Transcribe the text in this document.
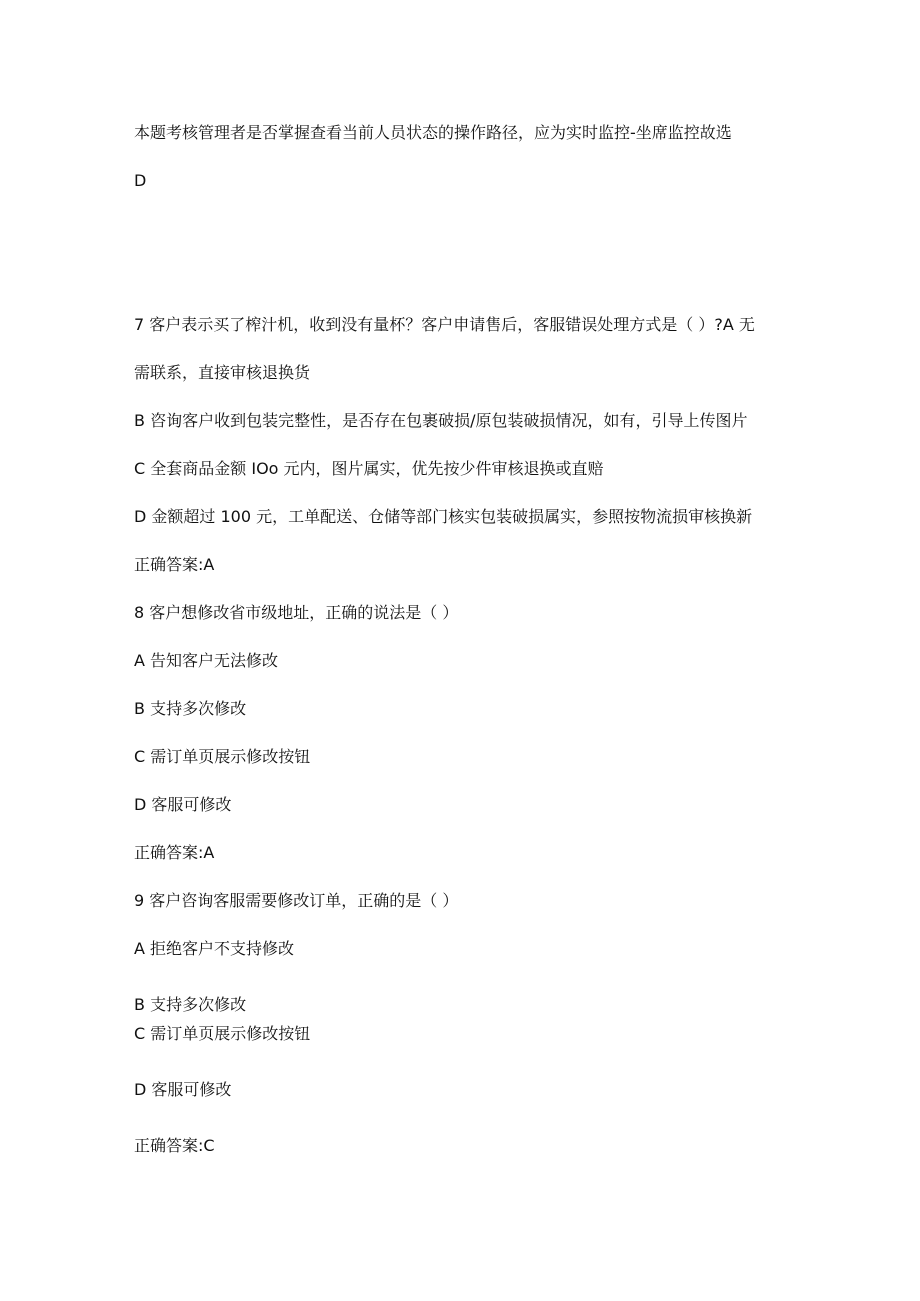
本题考核管理者是否掌握查看当前人员状态的操作路径，应为实时监控-坐席监控故选

D

7 客户表示买了榨汁机，收到没有量杯？客户申请售后，客服错误处理方式是（ ）?A 无

需联系，直接审核退换货

B 咨询客户收到包装完整性，是否存在包裹破损/原包装破损情况，如有，引导上传图片

C 全套商品金额 IOo 元内，图片属实，优先按少件审核退换或直赔

D 金额超过 100 元，工单配送、仓储等部门核实包装破损属实，参照按物流损审核换新

正确答案:A

8 客户想修改省市级地址，正确的说法是（ ）

A 告知客户无法修改

B 支持多次修改

C 需订单页展示修改按钮

D 客服可修改

正确答案:A

9 客户咨询客服需要修改订单，正确的是（ ）

A 拒绝客户不支持修改

B 支持多次修改

C 需订单页展示修改按钮

D 客服可修改

正确答案:C
